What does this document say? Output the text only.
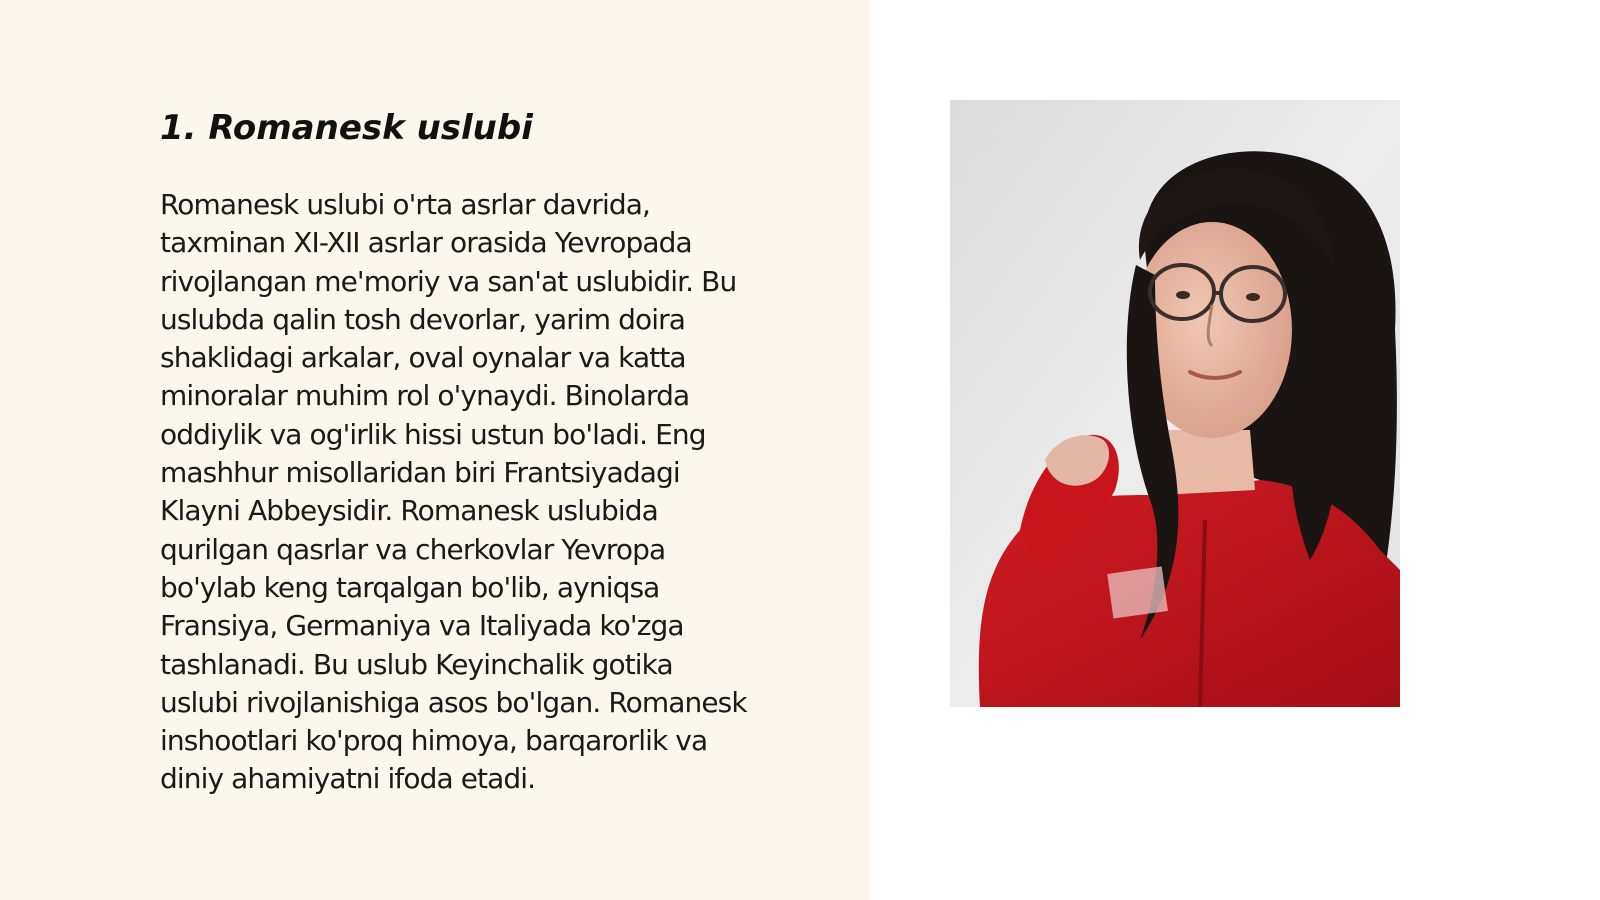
1. Romanesk uslubi
Romanesk uslubi o'rta asrlar davrida,
taxminan XI-XII asrlar orasida Yevropada
rivojlangan me'moriy va san'at uslubidir. Bu
uslubda qalin tosh devorlar, yarim doira
shaklidagi arkalar, oval oynalar va katta
minoralar muhim rol o'ynaydi. Binolarda
oddiylik va og'irlik hissi ustun bo'ladi. Eng
mashhur misollaridan biri Frantsiyadagi
Klayni Abbeysidir. Romanesk uslubida
qurilgan qasrlar va cherkovlar Yevropa
bo'ylab keng tarqalgan bo'lib, ayniqsa
Fransiya, Germaniya va Italiyada ko'zga
tashlanadi. Bu uslub Keyinchalik gotika
uslubi rivojlanishiga asos bo'lgan. Romanesk
inshootlari ko'proq himoya, barqarorlik va
diniy ahamiyatni ifoda etadi.
